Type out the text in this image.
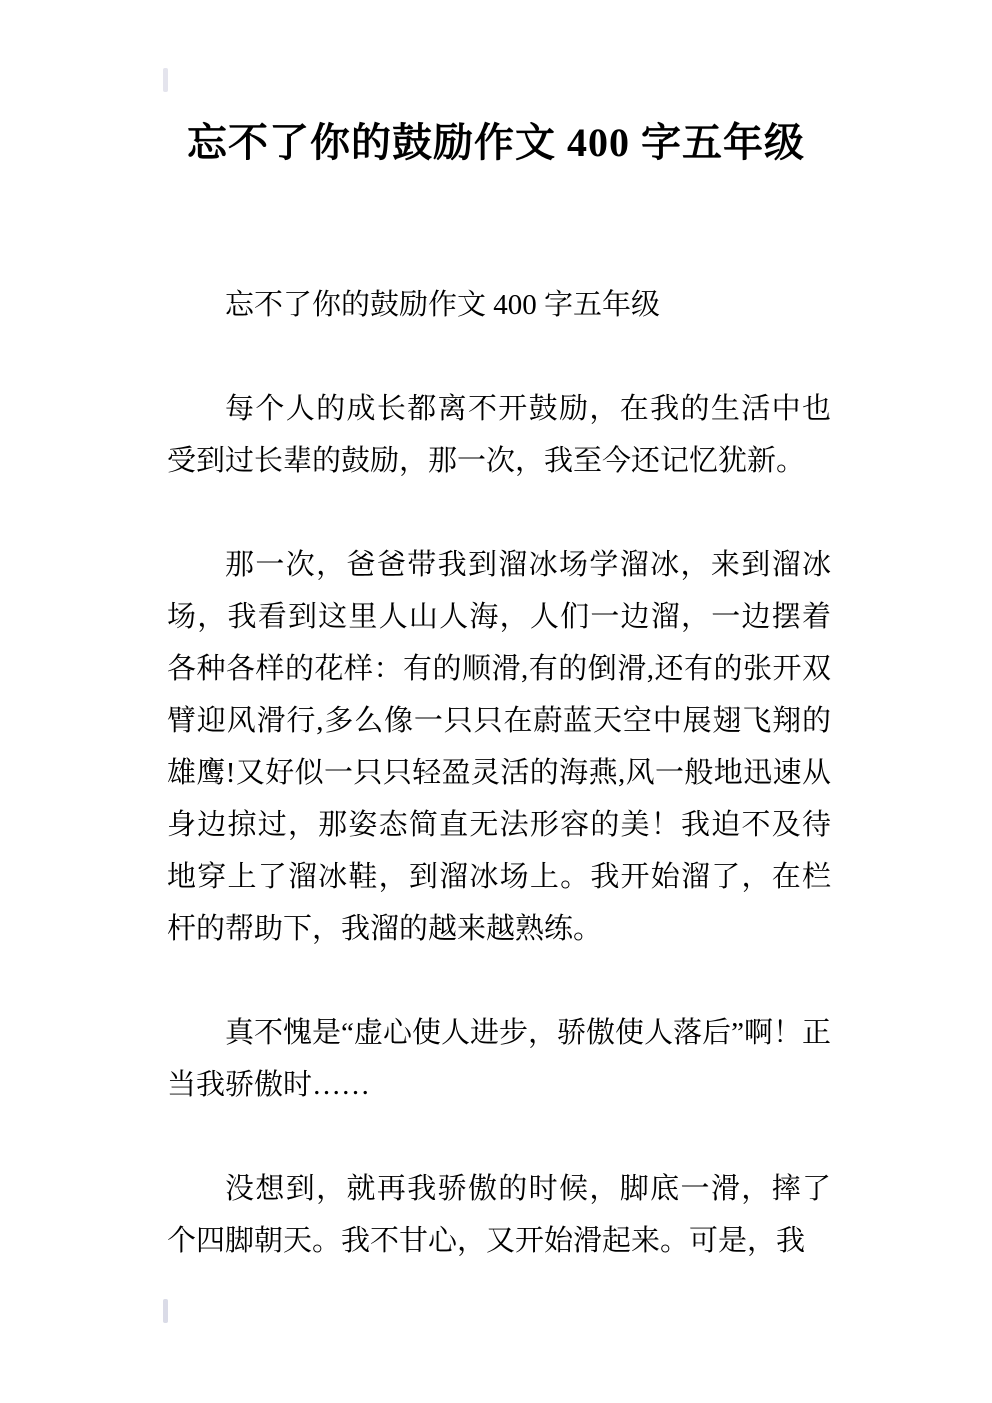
忘不了你的鼓励作文 400 字五年级

忘不了你的鼓励作文 400 字五年级

每个人的成长都离不开鼓励，在我的生活中也受到过长辈的鼓励，那一次，我至今还记忆犹新。

那一次，爸爸带我到溜冰场学溜冰，来到溜冰场，我看到这里人山人海，人们一边溜，一边摆着各种各样的花样：有的顺滑,有的倒滑,还有的张开双臂迎风滑行,多么像一只只在蔚蓝天空中展翅飞翔的雄鹰!又好似一只只轻盈灵活的海燕,风一般地迅速从身边掠过，那姿态简直无法形容的美！我迫不及待地穿上了溜冰鞋，到溜冰场上。我开始溜了，在栏杆的帮助下，我溜的越来越熟练。

真不愧是“虚心使人进步，骄傲使人落后”啊！正当我骄傲时……

没想到，就再我骄傲的时候，脚底一滑，摔了个四脚朝天。我不甘心，又开始滑起来。可是，我
